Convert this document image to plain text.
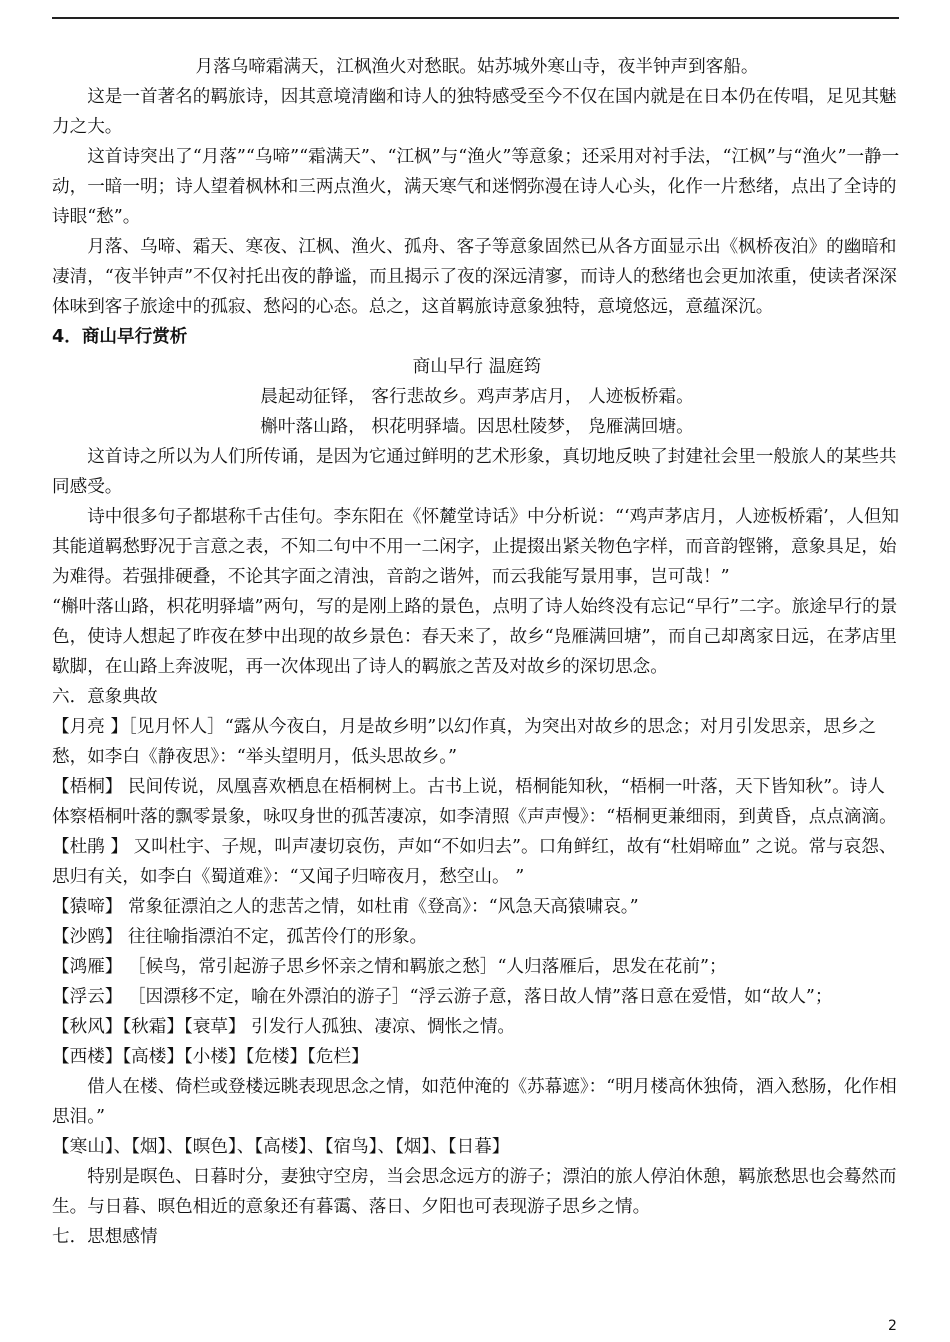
月落乌啼霜满天，江枫渔火对愁眠。姑苏城外寒山寺，夜半钟声到客船。

这是一首著名的羁旅诗，因其意境清幽和诗人的独特感受至今不仅在国内就是在日本仍在传唱，足见其魅力之大。

这首诗突出了“月落”“乌啼”“霜满天”、“江枫”与“渔火”等意象；还采用对衬手法，“江枫”与“渔火”一静一动，一暗一明；诗人望着枫林和三两点渔火，满天寒气和迷惘弥漫在诗人心头，化作一片愁绪，点出了全诗的诗眼“愁”。

月落、乌啼、霜天、寒夜、江枫、渔火、孤舟、客子等意象固然已从各方面显示出《枫桥夜泊》的幽暗和凄清，“夜半钟声”不仅衬托出夜的静谧，而且揭示了夜的深远清寥，而诗人的愁绪也会更加浓重，使读者深深体味到客子旅途中的孤寂、愁闷的心态。总之，这首羁旅诗意象独特，意境悠远，意蕴深沉。

4．商山早行赏析

商山早行 温庭筠

晨起动征铎， 客行悲故乡。鸡声茅店月， 人迹板桥霜。

槲叶落山路， 枳花明驿墙。因思杜陵梦， 凫雁满回塘。

这首诗之所以为人们所传诵，是因为它通过鲜明的艺术形象，真切地反映了封建社会里一般旅人的某些共同感受。

诗中很多句子都堪称千古佳句。李东阳在《怀麓堂诗话》中分析说：“‘鸡声茅店月，人迹板桥霜’，人但知其能道羁愁野况于言意之表，不知二句中不用一二闲字，止提掇出紧关物色字样，而音韵铿锵，意象具足，始为难得。若强排硬叠，不论其字面之清浊，音韵之谐舛，而云我能写景用事，岂可哉！”

“槲叶落山路，枳花明驿墙”两句，写的是刚上路的景色，点明了诗人始终没有忘记“早行”二字。旅途早行的景色，使诗人想起了昨夜在梦中出现的故乡景色：春天来了，故乡“凫雁满回塘”，而自己却离家日远，在茅店里歇脚，在山路上奔波呢，再一次体现出了诗人的羁旅之苦及对故乡的深切思念。

六．意象典故

【月亮 】［见月怀人］“露从今夜白，月是故乡明”以幻作真，为突出对故乡的思念；对月引发思亲，思乡之愁，如李白《静夜思》：“举头望明月，低头思故乡。”

【梧桐】 民间传说，凤凰喜欢栖息在梧桐树上。古书上说，梧桐能知秋，“梧桐一叶落，天下皆知秋”。诗人体察梧桐叶落的飘零景象，咏叹身世的孤苦凄凉，如李清照《声声慢》：“梧桐更兼细雨，到黄昏，点点滴滴。

【杜鹃 】 又叫杜宇、子规，叫声凄切哀伤，声如“不如归去”。口角鲜红，故有“杜娟啼血” 之说。常与哀怨、思归有关，如李白《蜀道难》：“又闻子归啼夜月，愁空山。 ”

【猿啼】 常象征漂泊之人的悲苦之情，如杜甫《登高》：“风急天高猿啸哀。”

【沙鸥】 往往喻指漂泊不定，孤苦伶仃的形象。

【鸿雁】 ［候鸟，常引起游子思乡怀亲之情和羁旅之愁］“人归落雁后，思发在花前”；

【浮云】 ［因漂移不定，喻在外漂泊的游子］“浮云游子意，落日故人情”落日意在爱惜，如“故人”；

【秋风】【秋霜】【衰草】 引发行人孤独、凄凉、惆怅之情。

【西楼】【高楼】【小楼】【危楼】【危栏】

借人在楼、倚栏或登楼远眺表现思念之情，如范仲淹的《苏幕遮》：“明月楼高休独倚，酒入愁肠，化作相思泪。”

【寒山】、【烟】、【暝色】、【高楼】、【宿鸟】、【烟】、【日暮】

特别是暝色、日暮时分，妻独守空房，当会思念远方的游子；漂泊的旅人停泊休憩，羁旅愁思也会蓦然而生。与日暮、暝色相近的意象还有暮霭、落日、夕阳也可表现游子思乡之情。

七．思想感情

2
